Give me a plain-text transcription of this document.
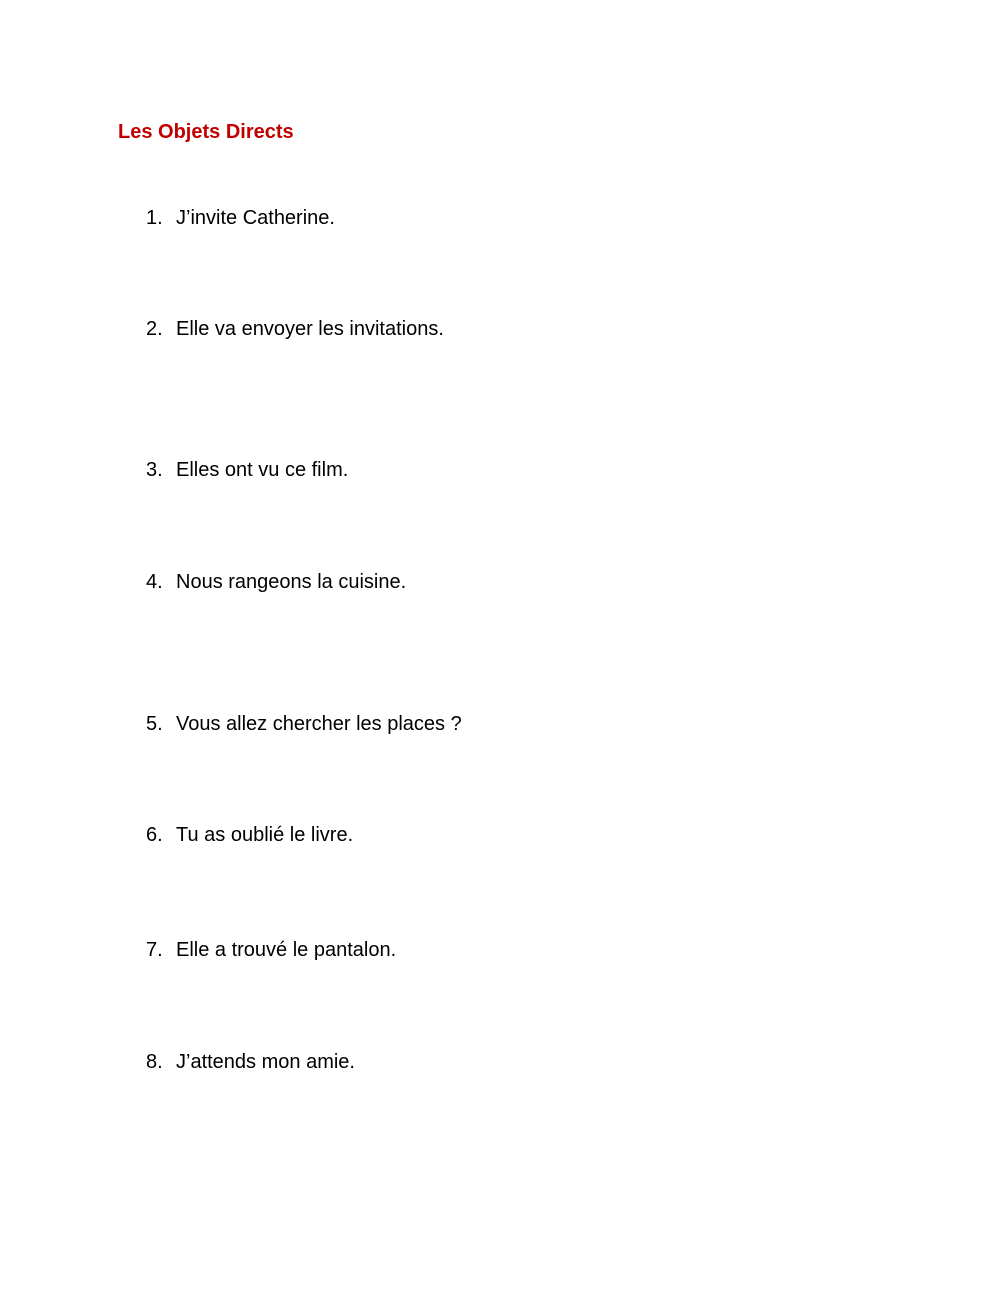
Les Objets Directs
1. J’invite Catherine.
2. Elle va envoyer les invitations.
3. Elles ont vu ce film.
4. Nous rangeons la cuisine.
5. Vous allez chercher les places ?
6. Tu as oublié le livre.
7. Elle a trouvé le pantalon.
8. J’attends mon amie.
